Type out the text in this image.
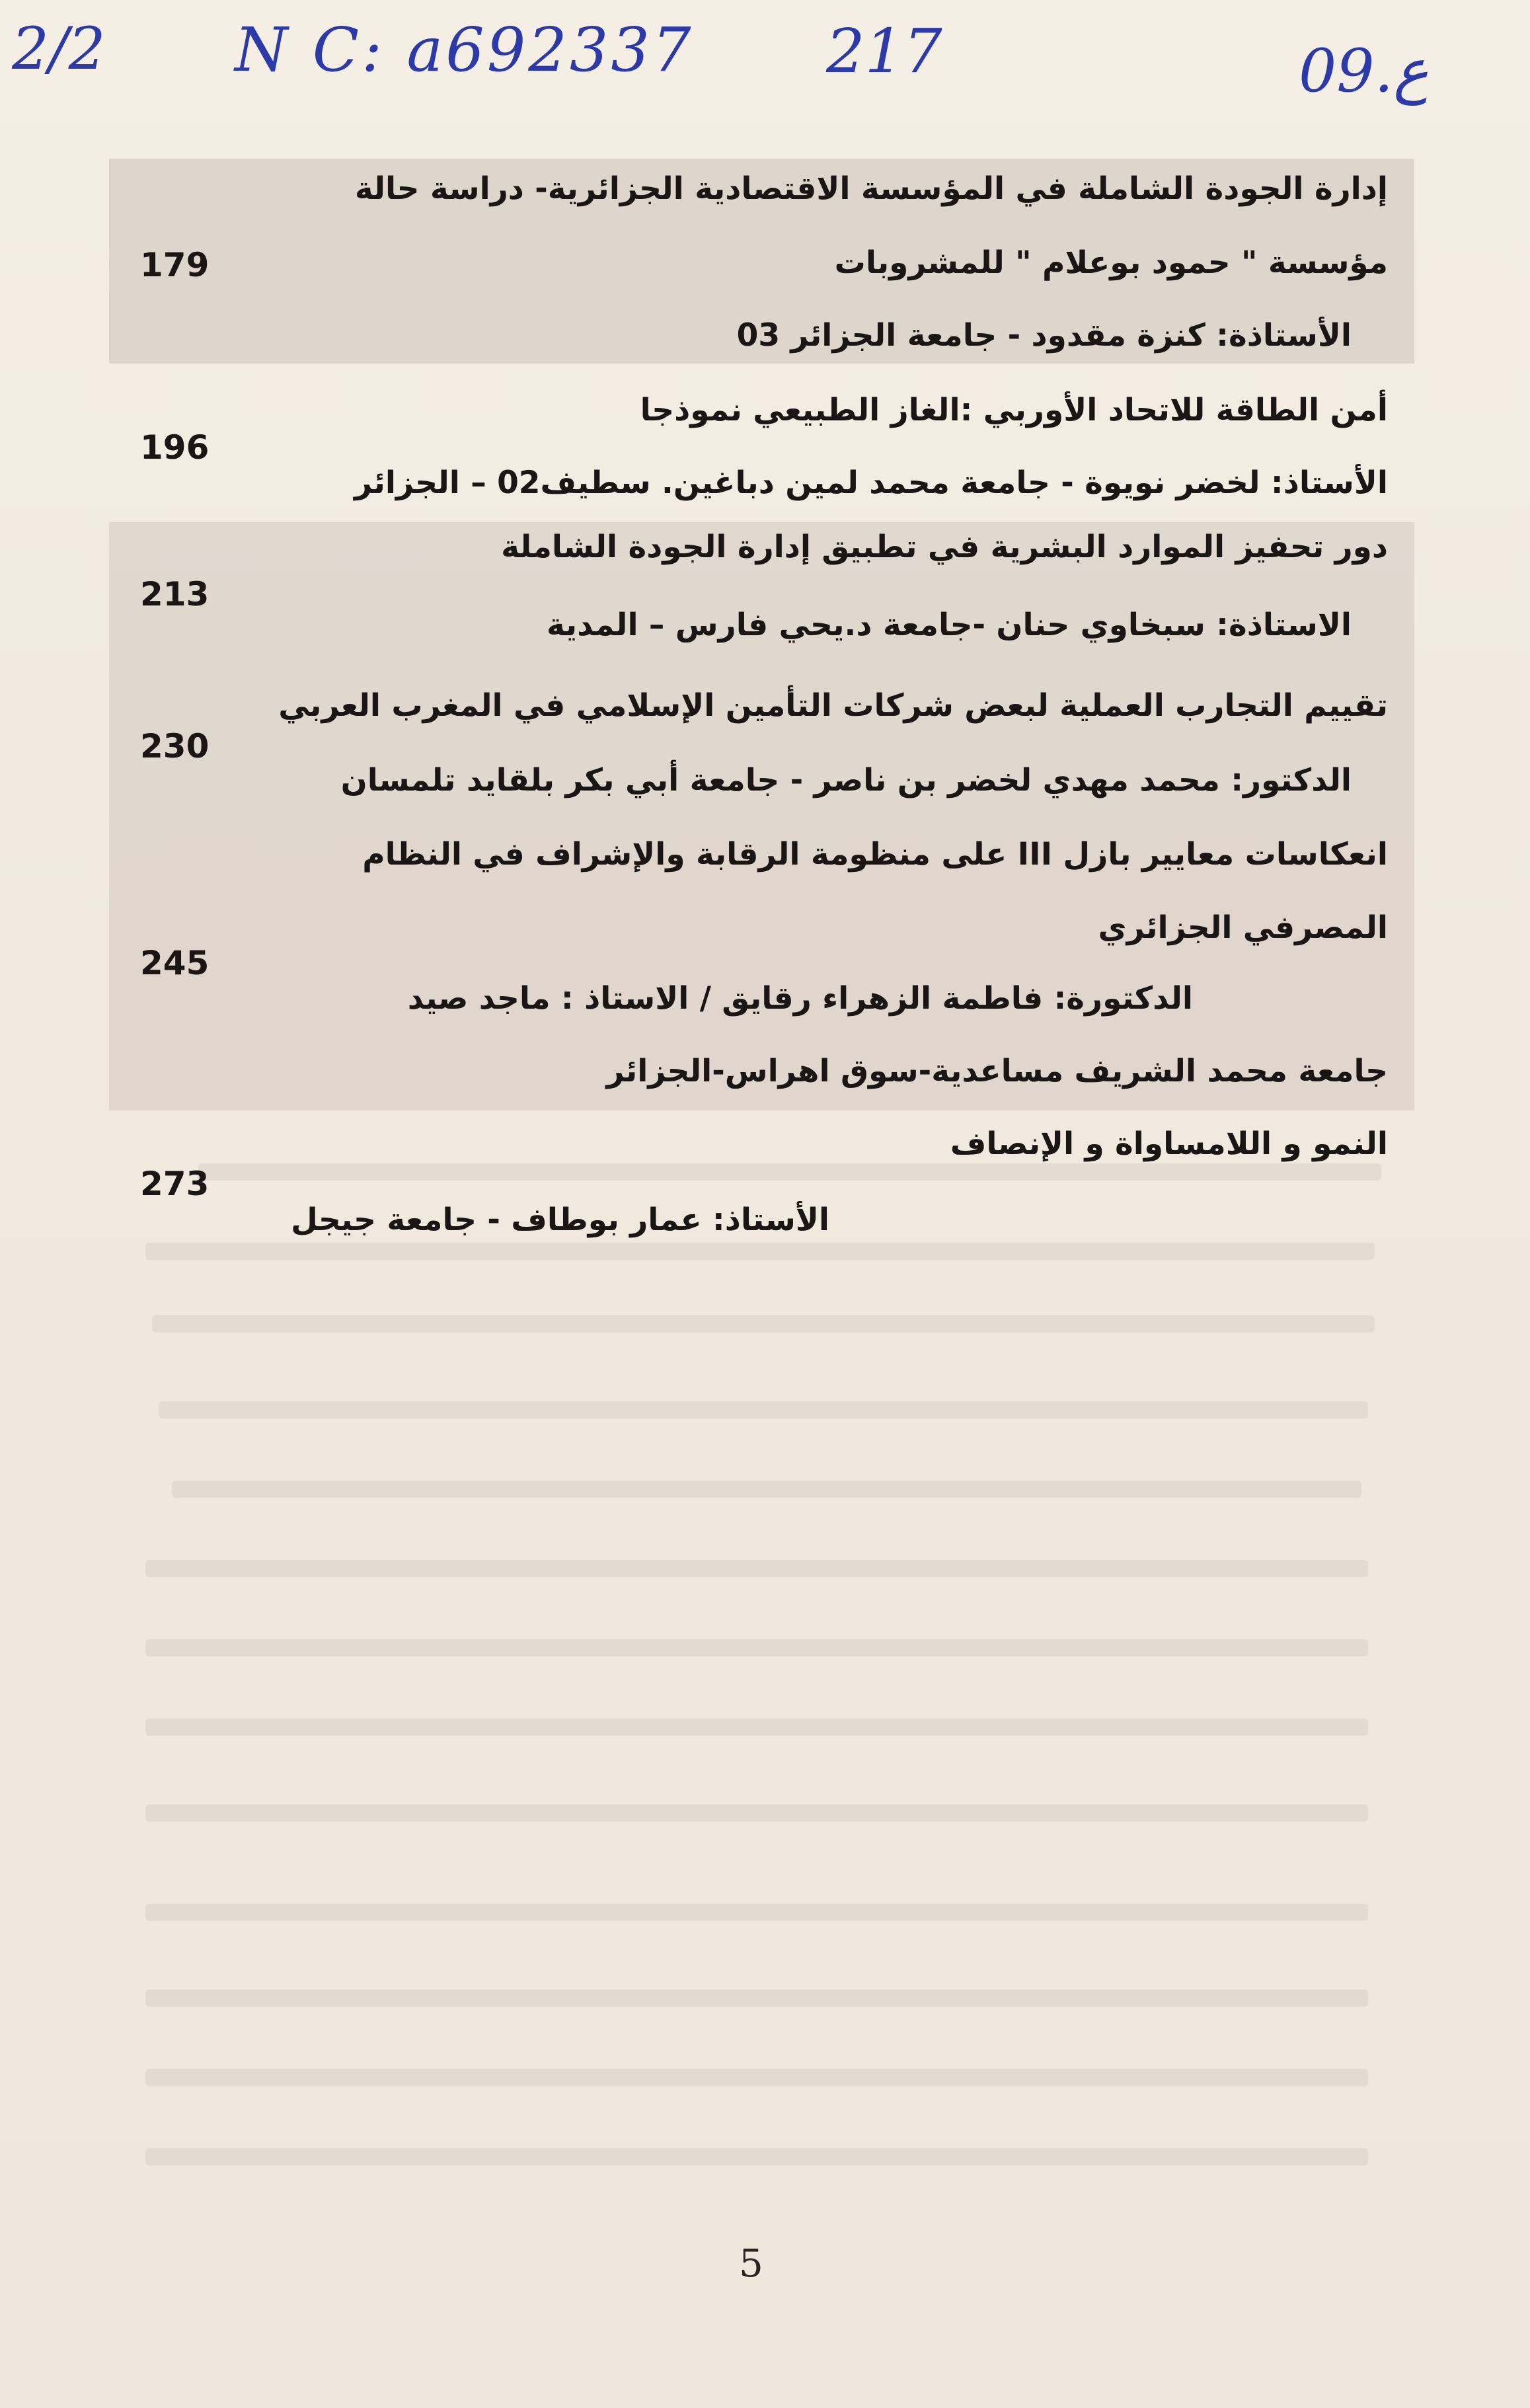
2/2 N C: a692337 217	09.ع
إدارة الجودة الشاملة في المؤسسة الاقتصادية الجزائرية- دراسة حالة
مؤسسة " حمود بوعلام " للمشروبات
179
الأستاذة: كنزة مقدود - جامعة الجزائر 03
أمن الطاقة للاتحاد الأوربي :الغاز الطبيعي نموذجا
196
الأستاذ: لخضر نويوة - جامعة محمد لمين دباغين. سطيف02 – الجزائر
دور تحفيز الموارد البشرية في تطبيق إدارة الجودة الشاملة
213
الاستاذة: سبخاوي حنان -جامعة د.يحي فارس – المدية
تقييم التجارب العملية لبعض شركات التأمين الإسلامي في المغرب العربي
230
الدكتور: محمد مهدي لخضر بن ناصر - جامعة أبي بكر بلقايد تلمسان
انعكاسات معايير بازل III على منظومة الرقابة والإشراف في النظام
المصرفي الجزائري
245
الدكتورة: فاطمة الزهراء رقايق / الاستاذ : ماجد صيد
جامعة محمد الشريف مساعدية-سوق اهراس-الجزائر
النمو و اللامساواة و الإنصاف
273
الأستاذ: عمار بوطاف - جامعة جيجل
5
